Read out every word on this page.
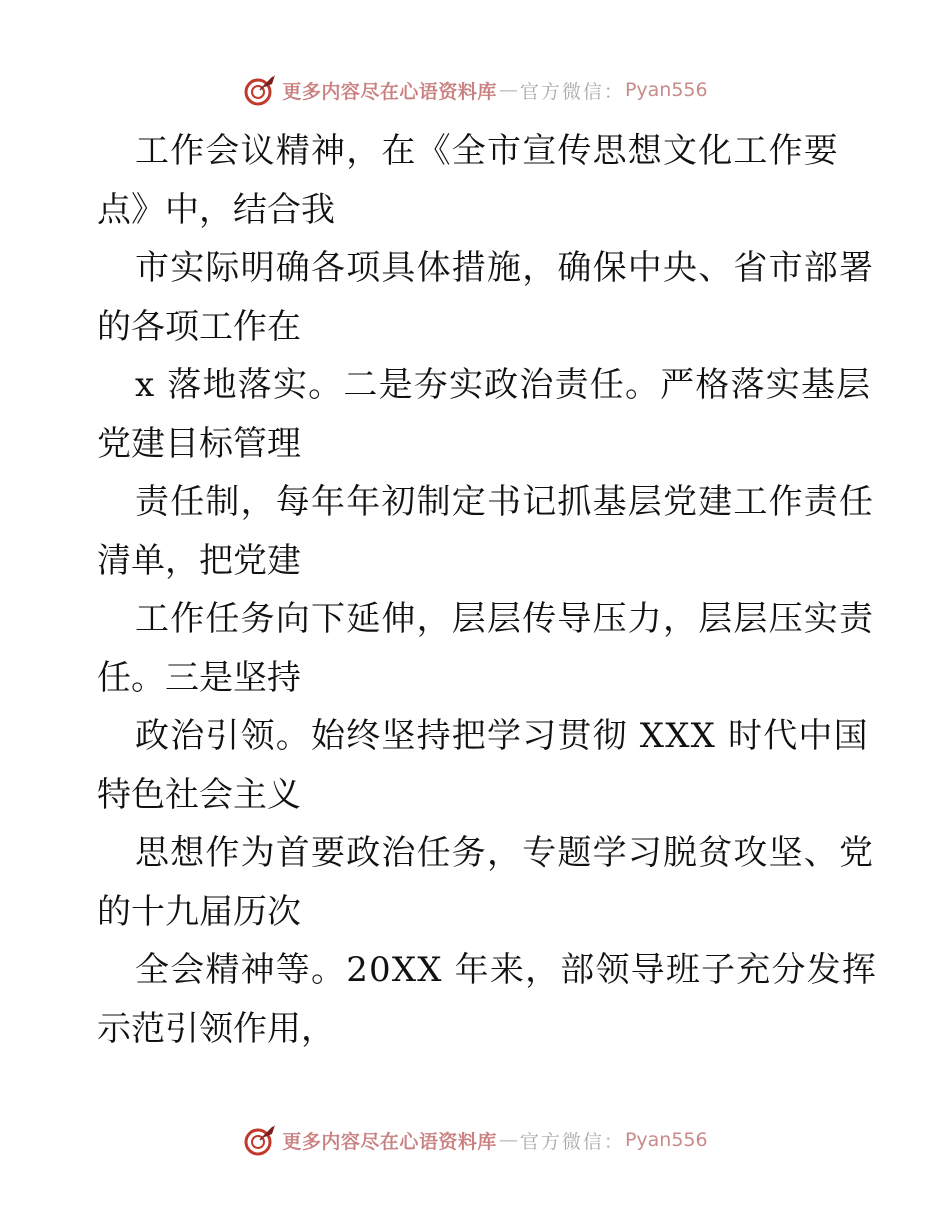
更多内容尽在心语资料库 — 官方微信： Pyan556
工作会议精神，在《全市宣传思想文化工作要
点》中，结合我
市实际明确各项具体措施，确保中央、省市部署
的各项工作在
x 落地落实。二是夯实政治责任。严格落实基层
党建目标管理
责任制，每年年初制定书记抓基层党建工作责任
清单，把党建
工作任务向下延伸，层层传导压力，层层压实责
任。三是坚持
政治引领。始终坚持把学习贯彻 XXX 时代中国
特色社会主义
思想作为首要政治任务，专题学习脱贫攻坚、党
的十九届历次
全会精神等。20XX 年来，部领导班子充分发挥
示范引领作用，
更多内容尽在心语资料库 — 官方微信： Pyan556
